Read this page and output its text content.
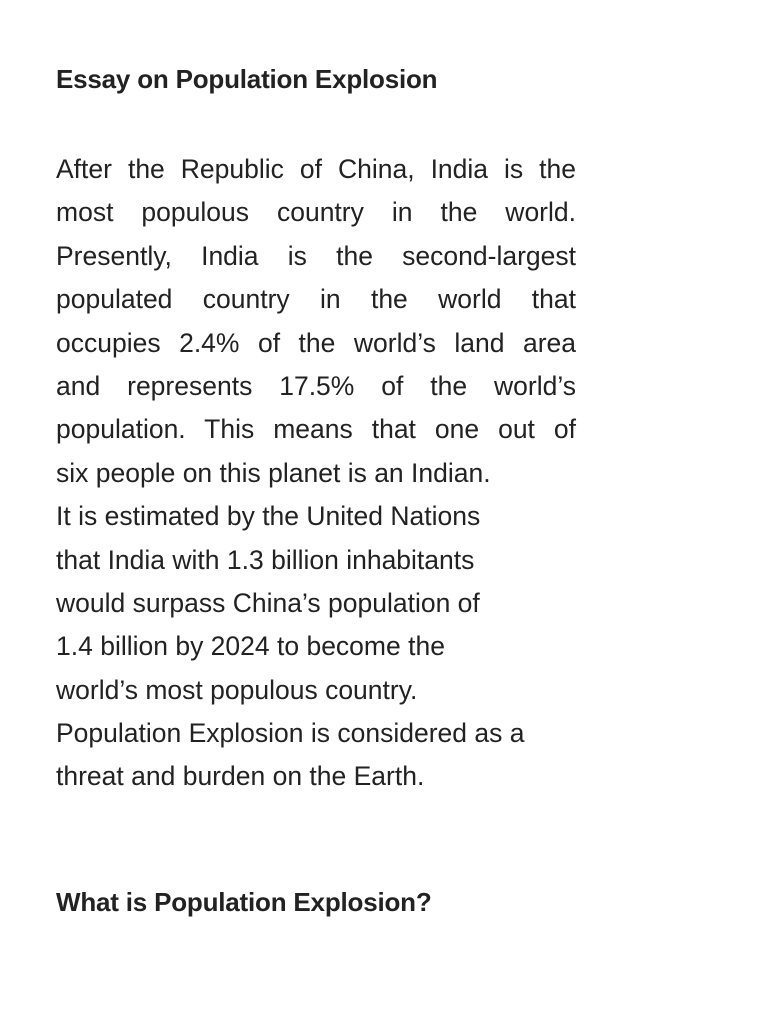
Essay on Population Explosion
After the Republic of China, India is the
most populous country in the world.
Presently, India is the second-largest
populated country in the world that
occupies 2.4% of the world’s land area
and represents 17.5% of the world’s
population. This means that one out of
six people on this planet is an Indian.
It is estimated by the United Nations
that India with 1.3 billion inhabitants
would surpass China’s population of
1.4 billion by 2024 to become the
world’s most populous country.
Population Explosion is considered as a
threat and burden on the Earth.
What is Population Explosion?
